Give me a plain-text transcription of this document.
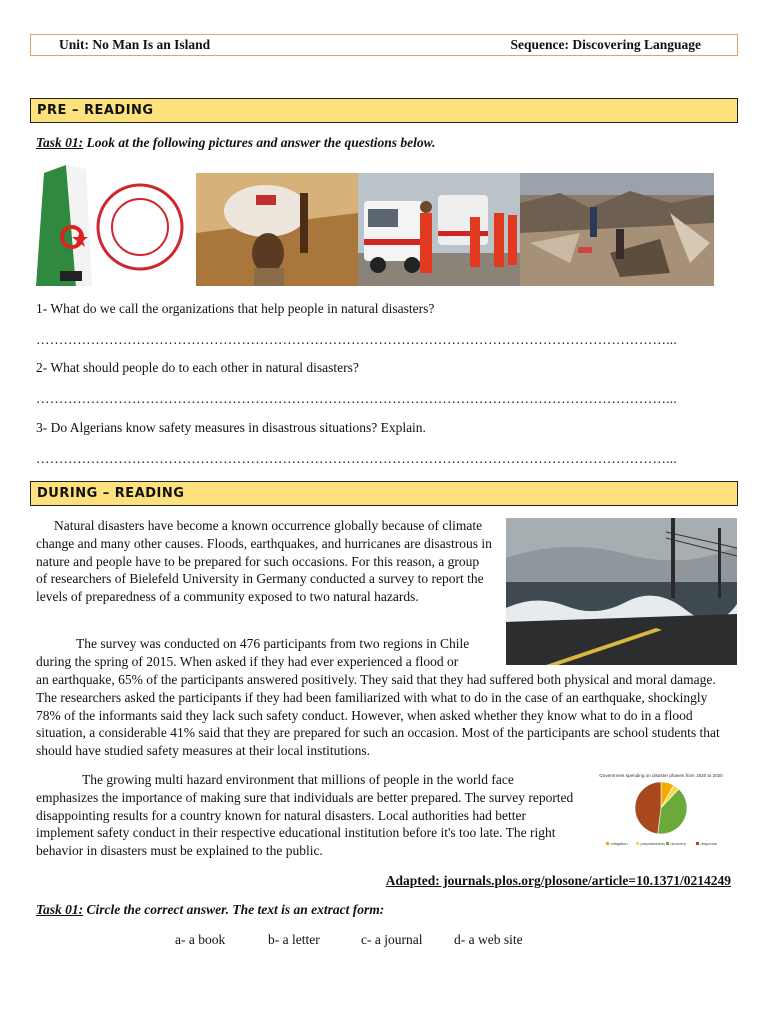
Unit: No Man Is an Island	Sequence: Discovering Language
PRE – READING
Task 01: Look at the following pictures and answer the questions below.
1- What do we call the organizations that help people in natural disasters?
…………………………………………………………………………………………………………………………...
2- What should people do to each other in natural disasters?
…………………………………………………………………………………………………………………………...
3- Do Algerians know safety measures in disastrous situations? Explain.
…………………………………………………………………………………………………………………………...
DURING – READING
Natural disasters have become a known occurrence globally because of climate change and many other causes. Floods, earthquakes, and hurricanes are disastrous in nature and people have to be prepared for such occasions. For this reason, a group of researchers of Bielefeld University in Germany conducted a survey to report the levels of preparedness of a community exposed to two natural hazards.
The survey was conducted on 476 participants from two regions in Chile during the spring of 2015. When asked if they had ever experienced a flood or
an earthquake, 65% of the participants answered positively. They said that they had suffered both physical and moral damage. The researchers asked the participants if they had been familiarized with what to do in the case of an earthquake, shockingly 78% of the informants said they lack such safety conduct. However, when asked whether they know what to do in a flood situation, a considerable 41% said that they are prepared for such an occasion. Most of the participants are school students that should have studied safety measures at their local institutions.
The growing multi hazard environment that millions of people in the world face emphasizes the importance of making sure that individuals are better prepared. The survey reported disappointing results for a country known for natural disasters. Local authorities had better implement safety conduct in their respective educational institution before it's too late. The right behavior in disasters must be explained to the public.
Government spending on disaster phases from 1920 to 2020
mitigation	preparedness recovery	response
Adapted: journals.plos.org/plosone/article=10.1371/0214249
Task 01: Circle the correct answer. The text is an extract form:
a- a book	b- a letter	c- a journal d- a web site
